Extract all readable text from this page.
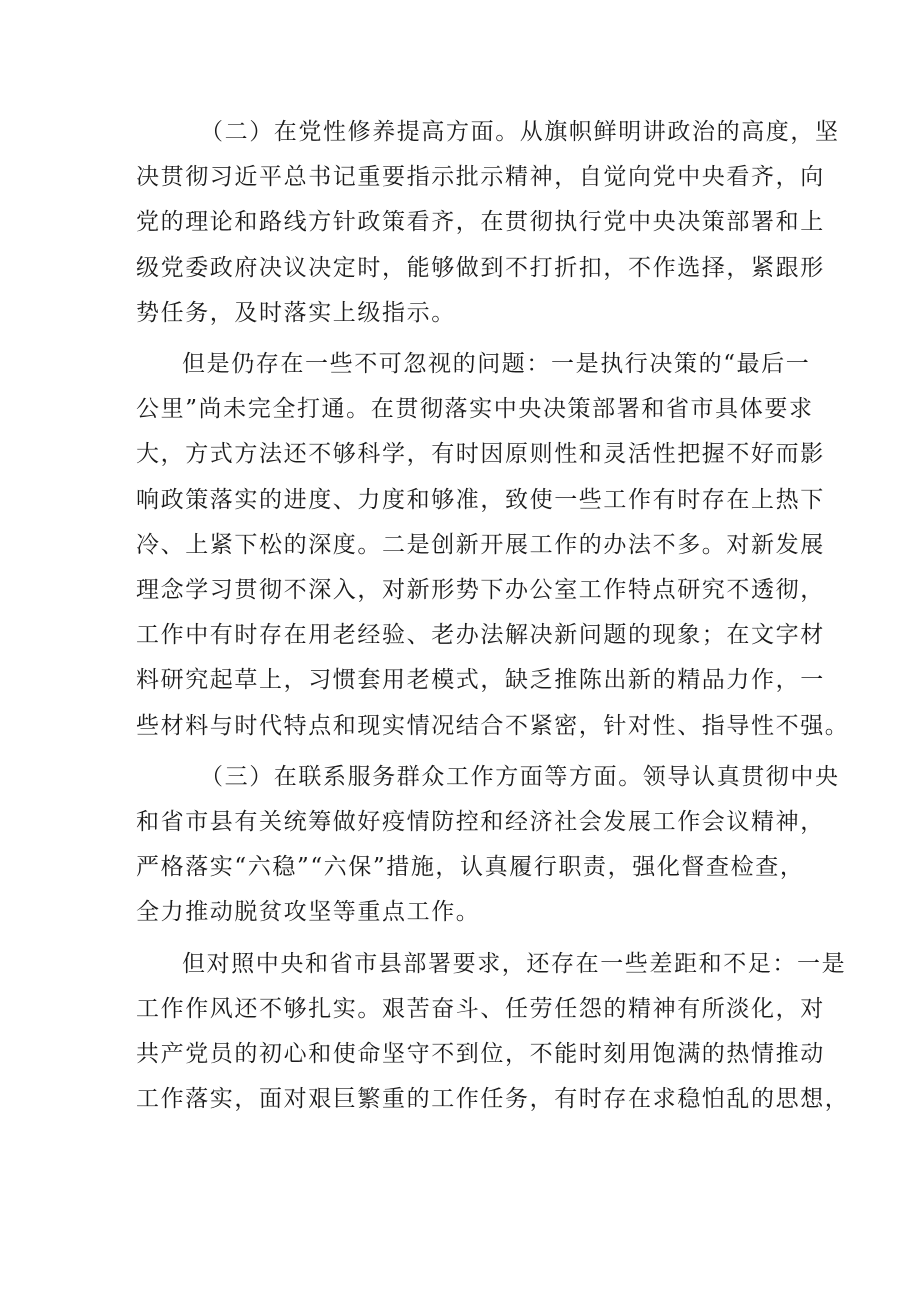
（二）在党性修养提高方面。从旗帜鲜明讲政治的高度，坚
决贯彻习近平总书记重要指示批示精神，自觉向党中央看齐，向
党的理论和路线方针政策看齐，在贯彻执行党中央决策部署和上
级党委政府决议决定时，能够做到不打折扣，不作选择，紧跟形
势任务，及时落实上级指示。
但是仍存在一些不可忽视的问题：一是执行决策的“最后一
公里”尚未完全打通。在贯彻落实中央决策部署和省市具体要求
大，方式方法还不够科学，有时因原则性和灵活性把握不好而影
响政策落实的进度、力度和够准，致使一些工作有时存在上热下
冷、上紧下松的深度。二是创新开展工作的办法不多。对新发展
理念学习贯彻不深入，对新形势下办公室工作特点研究不透彻，
工作中有时存在用老经验、老办法解决新问题的现象；在文字材
料研究起草上，习惯套用老模式，缺乏推陈出新的精品力作，一
些材料与时代特点和现实情况结合不紧密，针对性、指导性不强。
（三）在联系服务群众工作方面等方面。领导认真贯彻中央
和省市县有关统筹做好疫情防控和经济社会发展工作会议精神，
严格落实“六稳”“六保”措施，认真履行职责，强化督查检查，
全力推动脱贫攻坚等重点工作。
但对照中央和省市县部署要求，还存在一些差距和不足：一是
工作作风还不够扎实。艰苦奋斗、任劳任怨的精神有所淡化，对
共产党员的初心和使命坚守不到位，不能时刻用饱满的热情推动
工作落实，面对艰巨繁重的工作任务，有时存在求稳怕乱的思想，
